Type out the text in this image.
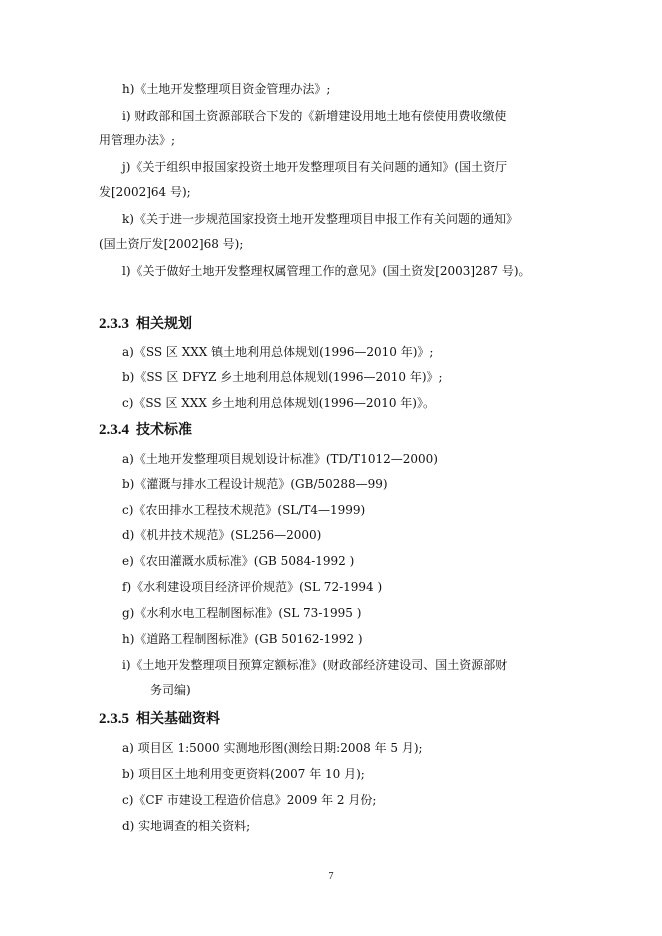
h)《土地开发整理项目资金管理办法》;
i) 财政部和国土资源部联合下发的《新增建设用地土地有偿使用费收缴使
用管理办法》;
j)《关于组织申报国家投资土地开发整理项目有关问题的通知》(国土资厅
发[2002]64 号);
k)《关于进一步规范国家投资土地开发整理项目申报工作有关问题的通知》
(国土资厅发[2002]68 号);
l)《关于做好土地开发整理权属管理工作的意见》(国土资发[2003]287 号)。
2.3.3 相关规划
a)《SS 区 XXX 镇土地利用总体规划(1996—2010 年)》;
b)《SS 区 DFYZ 乡土地利用总体规划(1996—2010 年)》;
c)《SS 区 XXX 乡土地利用总体规划(1996—2010 年)》。
2.3.4 技术标准
a)《土地开发整理项目规划设计标准》(TD/T1012—2000)
b)《灌溉与排水工程设计规范》(GB/50288—99)
c)《农田排水工程技术规范》(SL/T4—1999)
d)《机井技术规范》(SL256—2000)
e)《农田灌溉水质标准》(GB 5084-1992 )
f)《水利建设项目经济评价规范》(SL 72-1994 )
g)《水利水电工程制图标准》(SL 73-1995 )
h)《道路工程制图标准》(GB 50162-1992 )
i)《土地开发整理项目预算定额标准》(财政部经济建设司、国土资源部财
务司编)
2.3.5 相关基础资料
a) 项目区 1:5000 实测地形图(测绘日期:2008 年 5 月);
b) 项目区土地利用变更资料(2007 年 10 月);
c)《CF 市建设工程造价信息》2009 年 2 月份;
d) 实地调查的相关资料;
7
